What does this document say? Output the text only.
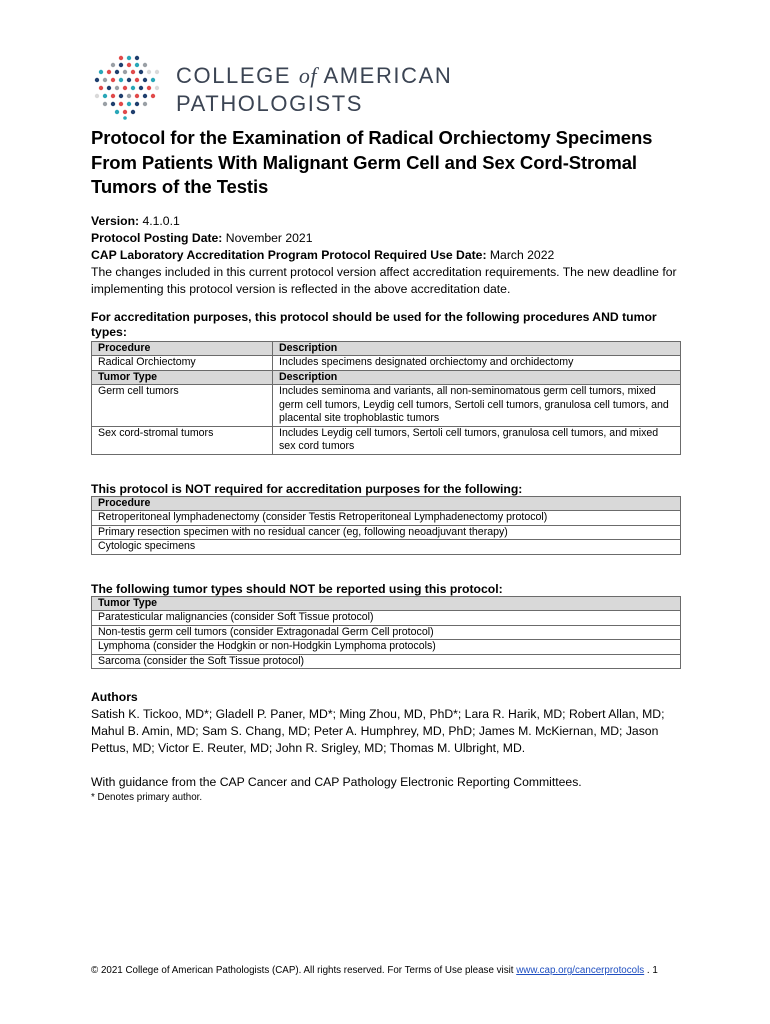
COLLEGE of AMERICAN
PATHOLOGISTS
Protocol for the Examination of Radical Orchiectomy Specimens From Patients With Malignant Germ Cell and Sex Cord-Stromal Tumors of the Testis

Version: 4.1.0.1

Protocol Posting Date: November 2021

CAP Laboratory Accreditation Program Protocol Required Use Date: March 2022

The changes included in this current protocol version affect accreditation requirements. The new deadline for implementing this protocol version is reflected in the above accreditation date.

For accreditation purposes, this protocol should be used for the following procedures AND tumor types:
Procedure	Description
Radical Orchiectomy	Includes specimens designated orchiectomy and orchidectomy
Tumor Type	Description
Germ cell tumors	Includes seminoma and variants, all non-seminomatous germ cell tumors, mixed germ cell tumors, Leydig cell tumors, Sertoli cell tumors, granulosa cell tumors, and placental site trophoblastic tumors
Sex cord-stromal tumors	Includes Leydig cell tumors, Sertoli cell tumors, granulosa cell tumors, and mixed sex cord tumors
This protocol is NOT required for accreditation purposes for the following:
Procedure
Retroperitoneal lymphadenectomy (consider Testis Retroperitoneal Lymphadenectomy protocol)
Primary resection specimen with no residual cancer (eg, following neoadjuvant therapy)
Cytologic specimens
The following tumor types should NOT be reported using this protocol:
Tumor Type
Paratesticular malignancies (consider Soft Tissue protocol)
Non-testis germ cell tumors (consider Extragonadal Germ Cell protocol)
Lymphoma (consider the Hodgkin or non-Hodgkin Lymphoma protocols)
Sarcoma (consider the Soft Tissue protocol)
Authors
Satish K. Tickoo, MD*; Gladell P. Paner, MD*; Ming Zhou, MD, PhD*; Lara R. Harik, MD; Robert Allan, MD; Mahul B. Amin, MD; Sam S. Chang, MD; Peter A. Humphrey, MD, PhD; James M. McKiernan, MD; Jason Pettus, MD; Victor E. Reuter, MD; John R. Srigley, MD; Thomas M. Ulbright, MD.
With guidance from the CAP Cancer and CAP Pathology Electronic Reporting Committees.
* Denotes primary author.
© 2021 College of American Pathologists (CAP). All rights reserved. For Terms of Use please visit www.cap.org/cancerprotocols . 1
